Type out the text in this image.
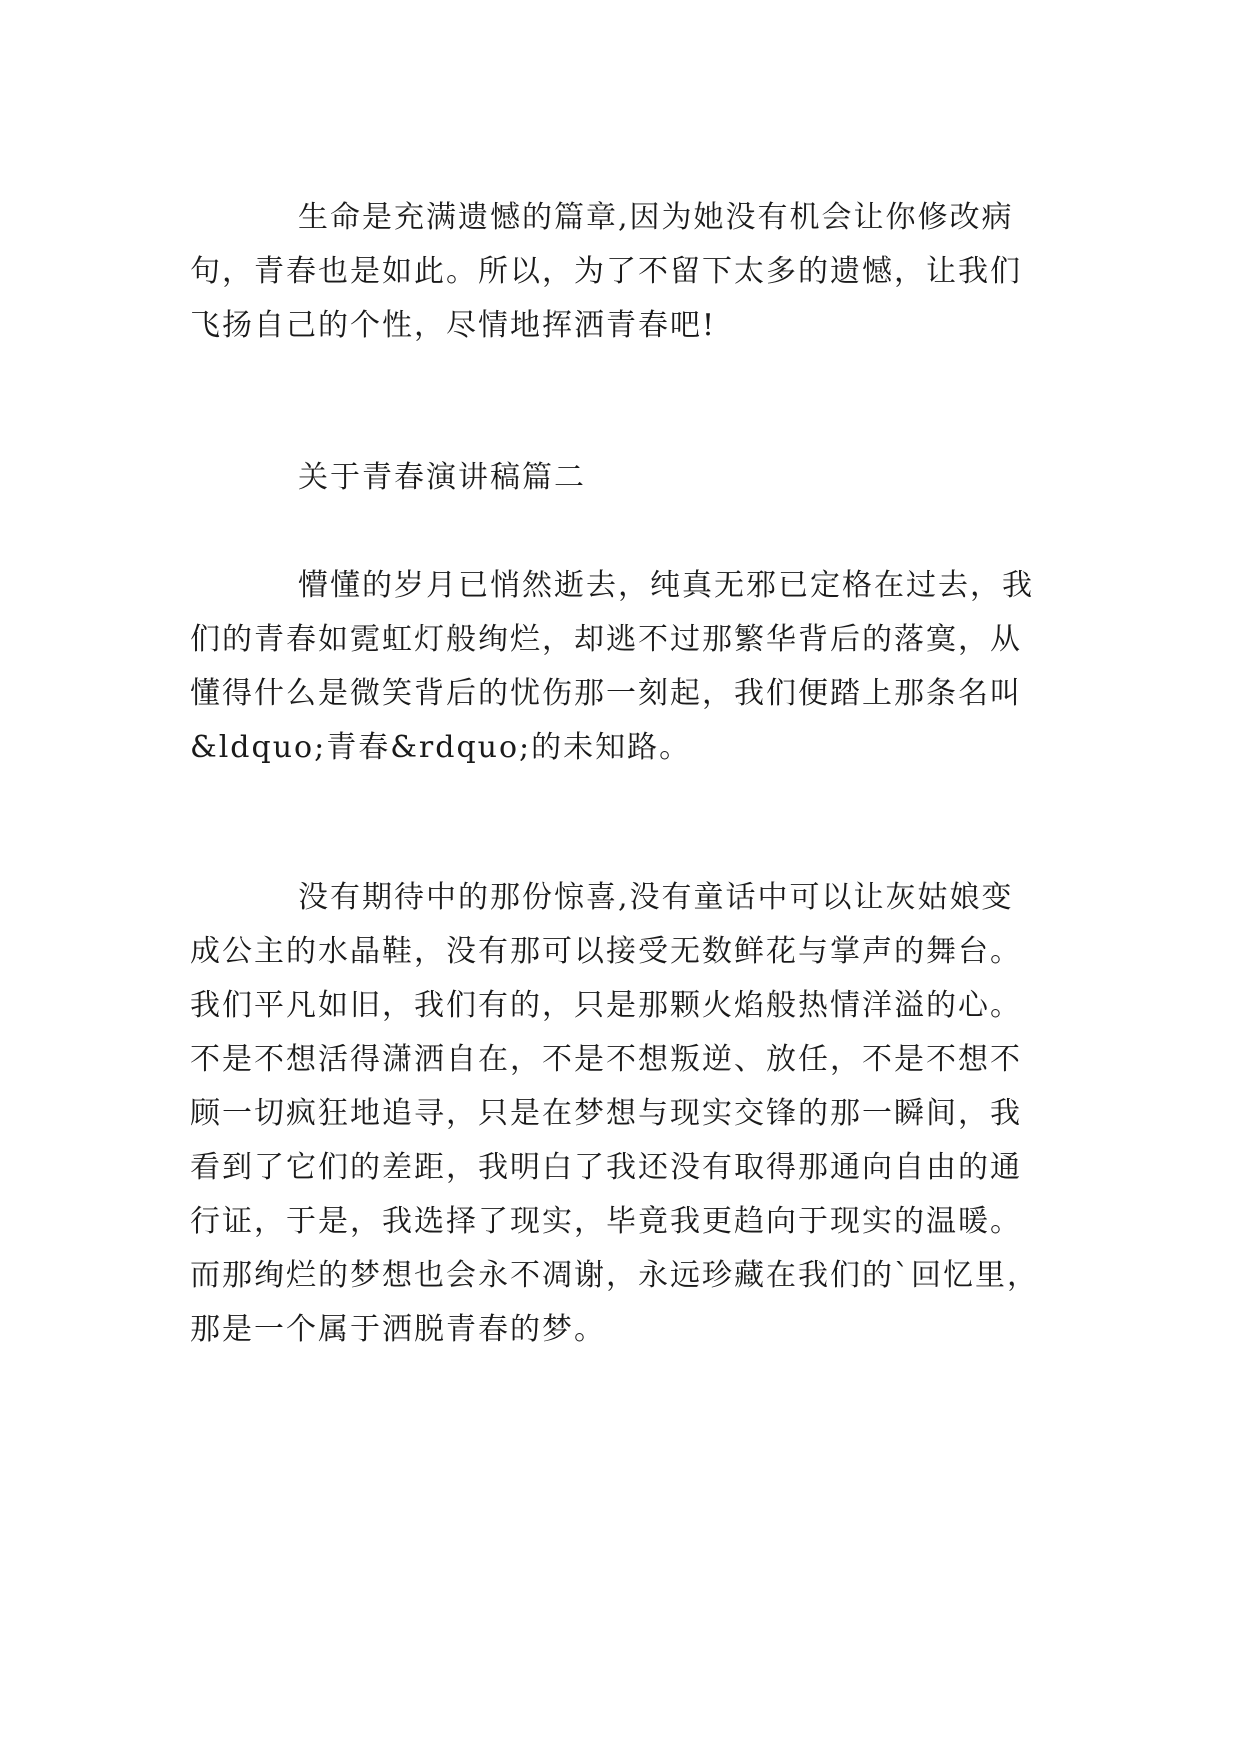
生命是充满遗憾的篇章,因为她没有机会让你修改病
句，青春也是如此。所以，为了不留下太多的遗憾，让我们
飞扬自己的个性，尽情地挥洒青春吧!
关于青春演讲稿篇二
懵懂的岁月已悄然逝去，纯真无邪已定格在过去，我
们的青春如霓虹灯般绚烂，却逃不过那繁华背后的落寞，从
懂得什么是微笑背后的忧伤那一刻起，我们便踏上那条名叫
&ldquo;青春&rdquo;的未知路。
没有期待中的那份惊喜,没有童话中可以让灰姑娘变
成公主的水晶鞋，没有那可以接受无数鲜花与掌声的舞台。
我们平凡如旧，我们有的，只是那颗火焰般热情洋溢的心。
不是不想活得潇洒自在，不是不想叛逆、放任，不是不想不
顾一切疯狂地追寻，只是在梦想与现实交锋的那一瞬间，我
看到了它们的差距，我明白了我还没有取得那通向自由的通
行证，于是，我选择了现实，毕竟我更趋向于现实的温暖。
而那绚烂的梦想也会永不凋谢，永远珍藏在我们的`回忆里，
那是一个属于洒脱青春的梦。
